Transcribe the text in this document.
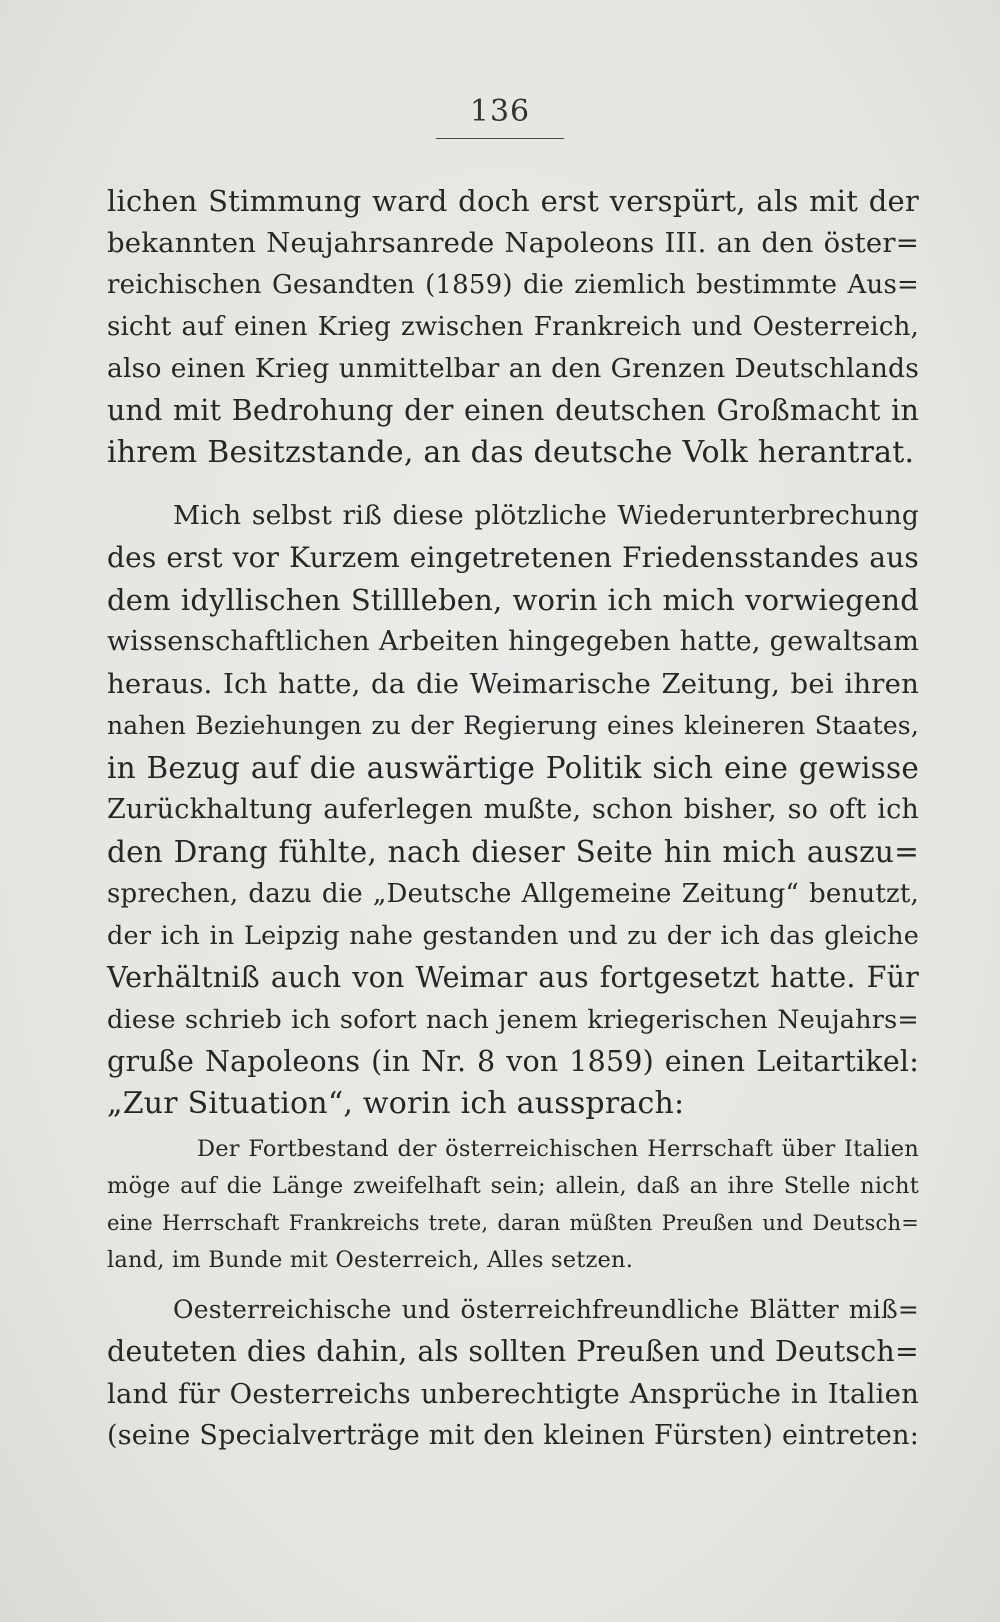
136
lichen Stimmung ward doch erst verspürt, als mit der
bekannten Neujahrsanrede Napoleons III. an den öster=
reichischen Gesandten (1859) die ziemlich bestimmte Aus=
sicht auf einen Krieg zwischen Frankreich und Oesterreich,
also einen Krieg unmittelbar an den Grenzen Deutschlands
und mit Bedrohung der einen deutschen Großmacht in
ihrem Besitzstande, an das deutsche Volk herantrat.
Mich selbst riß diese plötzliche Wiederunterbrechung
des erst vor Kurzem eingetretenen Friedensstandes aus
dem idyllischen Stillleben, worin ich mich vorwiegend
wissenschaftlichen Arbeiten hingegeben hatte, gewaltsam
heraus. Ich hatte, da die Weimarische Zeitung, bei ihren
nahen Beziehungen zu der Regierung eines kleineren Staates,
in Bezug auf die auswärtige Politik sich eine gewisse
Zurückhaltung auferlegen mußte, schon bisher, so oft ich
den Drang fühlte, nach dieser Seite hin mich auszu=
sprechen, dazu die „Deutsche Allgemeine Zeitung“ benutzt,
der ich in Leipzig nahe gestanden und zu der ich das gleiche
Verhältniß auch von Weimar aus fortgesetzt hatte. Für
diese schrieb ich sofort nach jenem kriegerischen Neujahrs=
gruße Napoleons (in Nr. 8 von 1859) einen Leitartikel:
„Zur Situation“, worin ich aussprach:
Der Fortbestand der österreichischen Herrschaft über Italien
möge auf die Länge zweifelhaft sein; allein, daß an ihre Stelle nicht
eine Herrschaft Frankreichs trete, daran müßten Preußen und Deutsch=
land, im Bunde mit Oesterreich, Alles setzen.
Oesterreichische und österreichfreundliche Blätter miß=
deuteten dies dahin, als sollten Preußen und Deutsch=
land für Oesterreichs unberechtigte Ansprüche in Italien
(seine Specialverträge mit den kleinen Fürsten) eintreten:
